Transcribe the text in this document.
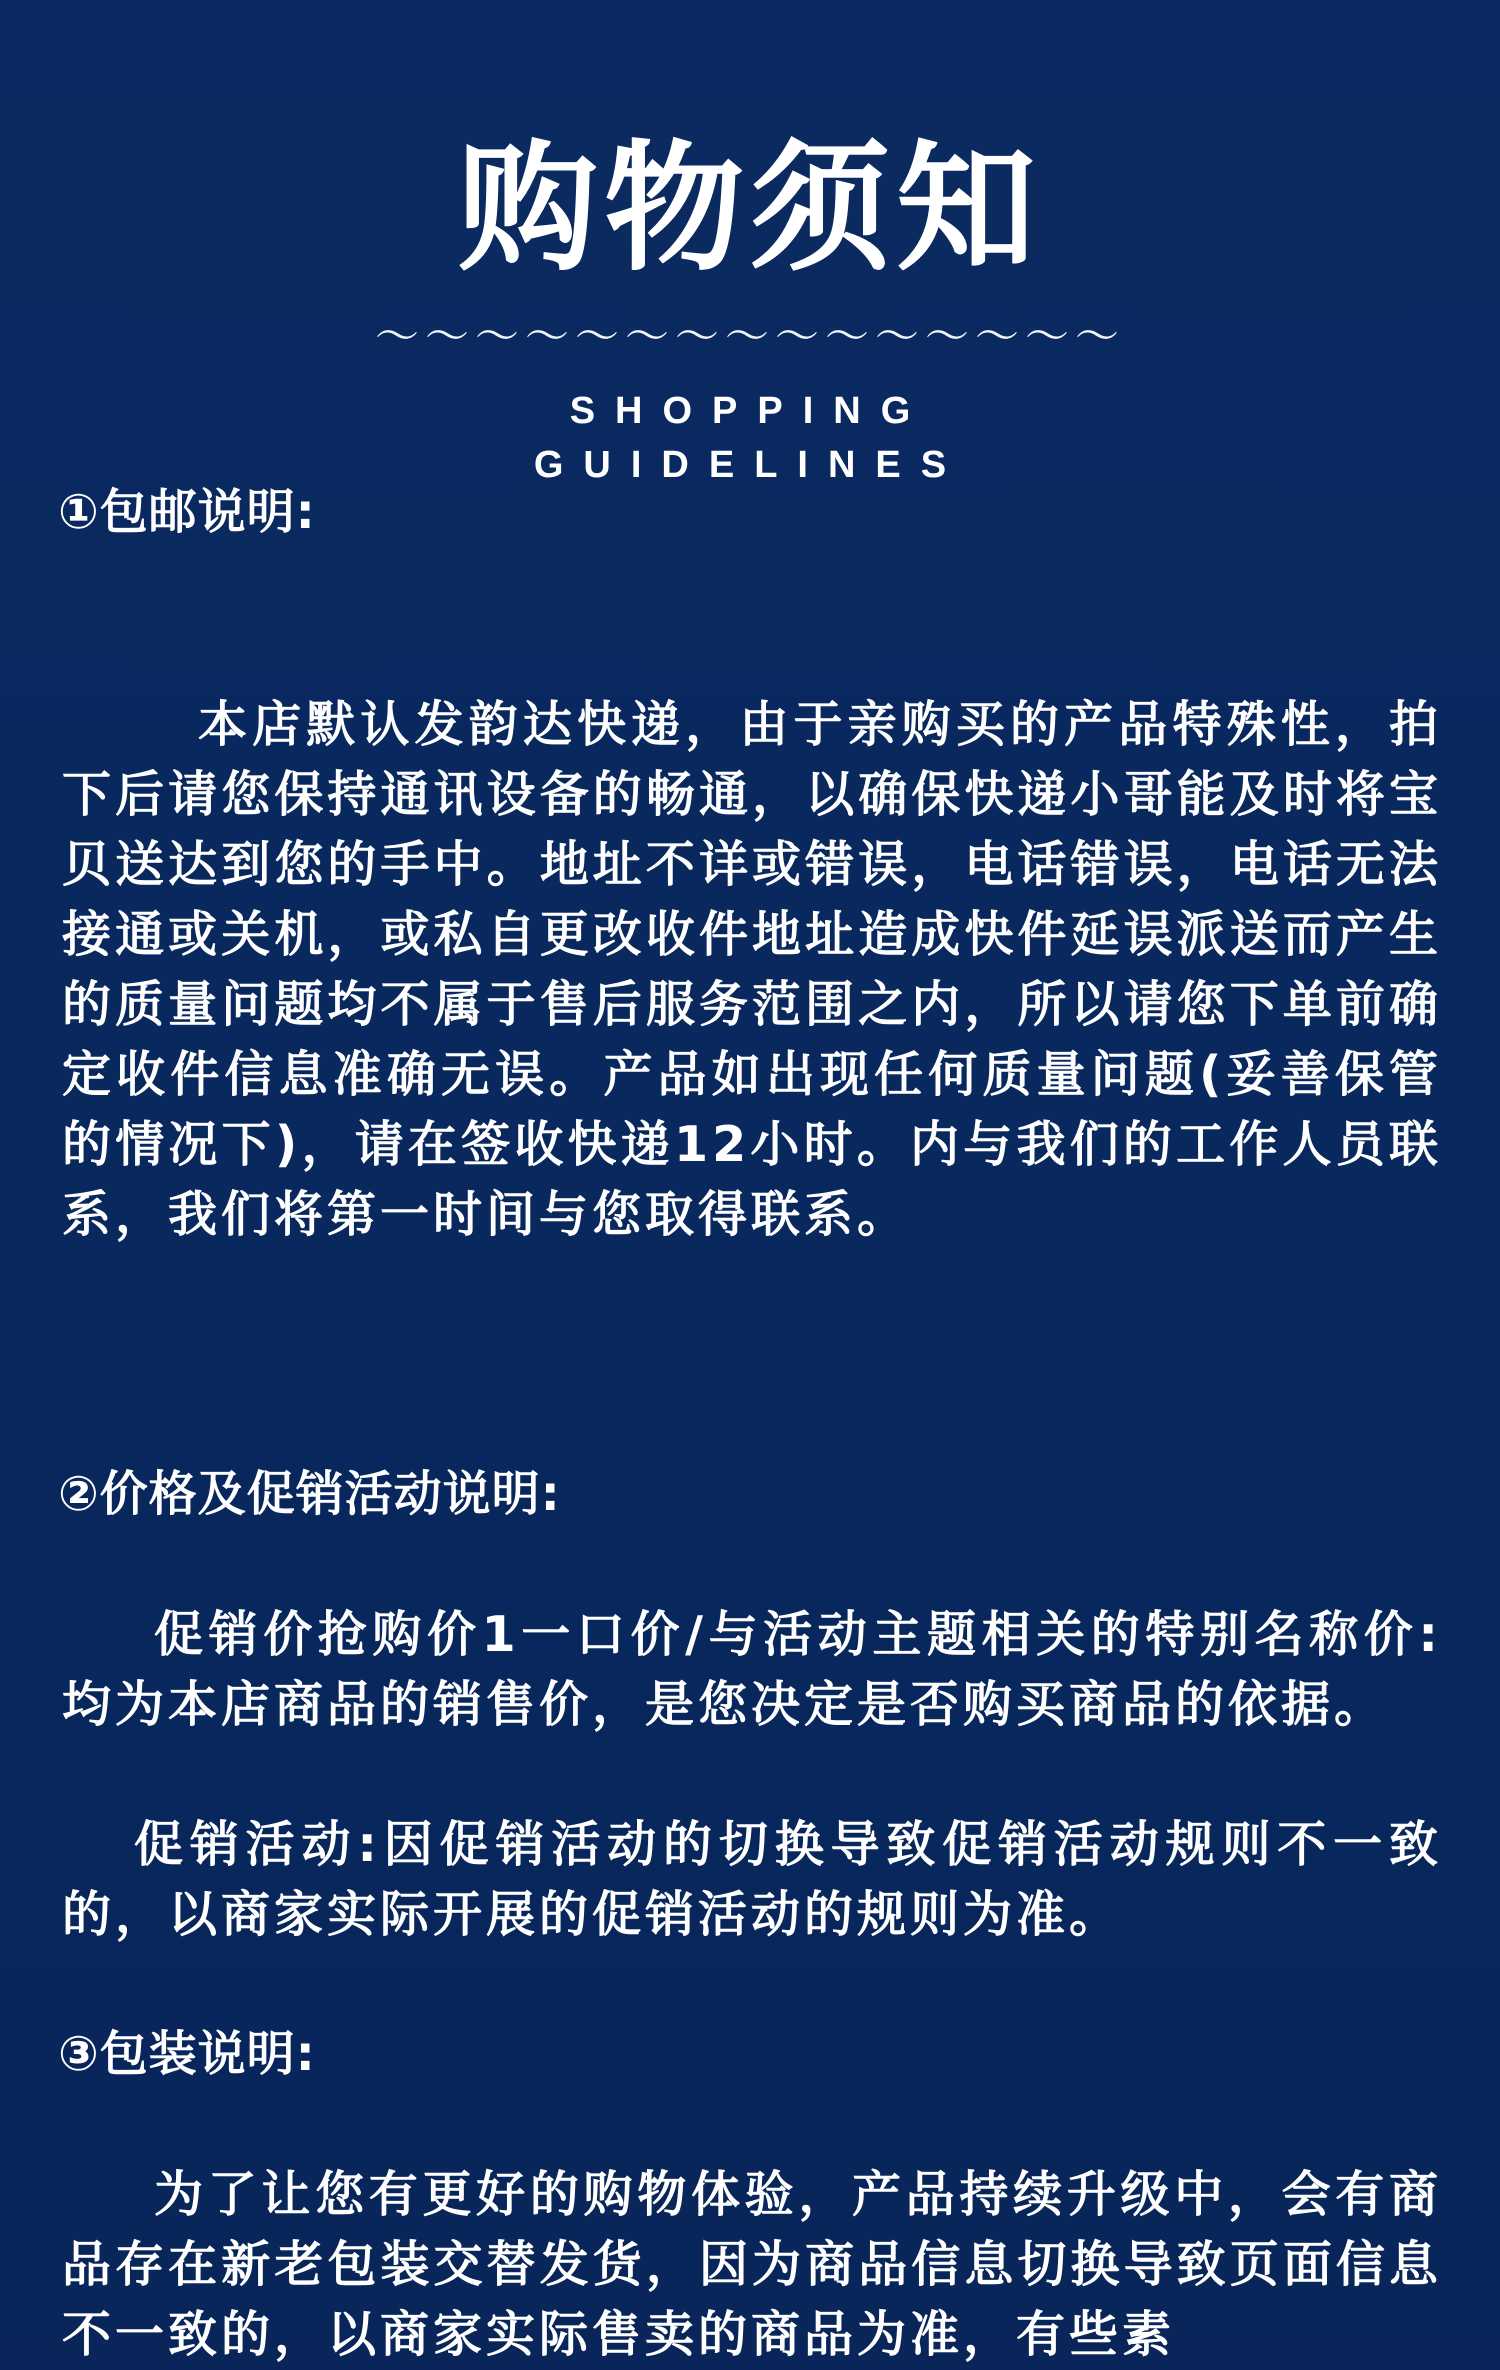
购物须知
～～～～～～～～～～～～～～～
SHOPPING
GUIDELINES
①包邮说明:
本店默认发韵达快递，由于亲购买的产品特殊性，拍下后请您保持通讯设备的畅通，以确保快递小哥能及时将宝贝送达到您的手中。地址不详或错误，电话错误，电话无法接通或关机，或私自更改收件地址造成快件延误派送而产生的质量问题均不属于售后服务范围之内，所以请您下单前确定收件信息准确无误。产品如出现任何质量问题(妥善保管的情况下)，请在签收快递12小时。内与我们的工作人员联系，我们将第一时间与您取得联系。
②价格及促销活动说明:
促销价抢购价1一口价/与活动主题相关的特别名称价:均为本店商品的销售价，是您决定是否购买商品的依据。
促销活动:因促销活动的切换导致促销活动规则不一致的，以商家实际开展的促销活动的规则为准。
③包装说明:
为了让您有更好的购物体验，产品持续升级中，会有商品存在新老包装交替发货，因为商品信息切换导致页面信息不一致的，以商家实际售卖的商品为准，有些素
